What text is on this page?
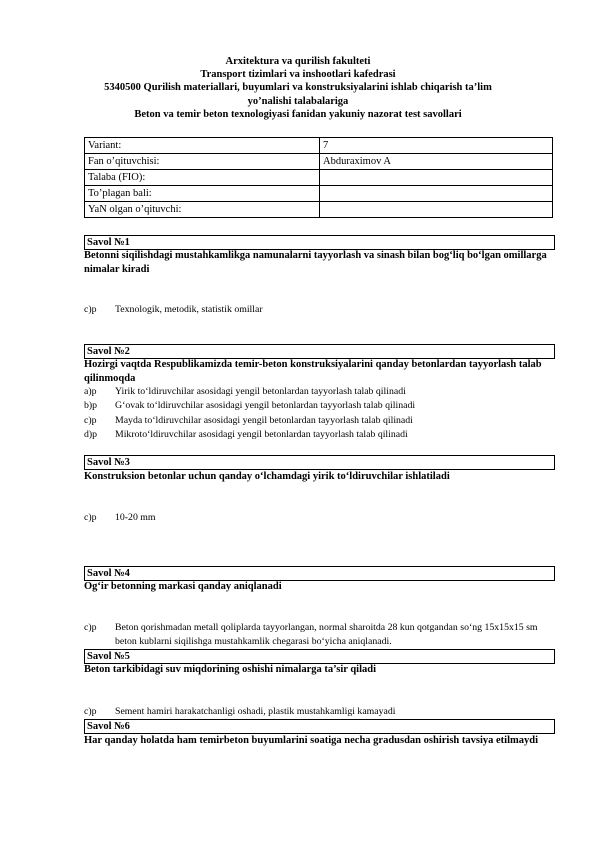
Arxitektura va qurilish fakulteti
Transport tizimlari va inshootlari kafedrasi
5340500 Qurilish materiallari, buyumlari va konstruksiyalarini ishlab chiqarish ta’lim
yo’nalishi talabalariga
Beton va temir beton texnologiyasi fanidan yakuniy nazorat test savollari
Variant:	7
Fan o’qituvchisi:	Abduraximov A
Talaba (FIO):	
To’plagan bali:	
YaN olgan o’qituvchi:	
Savol №1
Betonni siqilishdagi mustahkamlikga namunalarni tayyorlash va sinash bilan bog‘liq bo‘lgan omillarga nimalar kiradi
c)p	Texnologik, metodik, statistik omillar
Savol №2
Hozirgi vaqtda Respublikamizda temir-beton konstruksiyalarini qanday betonlardan tayyorlash talab qilinmoqda
a)p	Yirik to‘ldiruvchilar asosidagi yengil betonlardan tayyorlash talab qilinadi
b)p	G‘ovak to‘ldiruvchilar asosidagi yengil betonlardan tayyorlash talab qilinadi
c)p	Mayda to‘ldiruvchilar asosidagi yengil betonlardan tayyorlash talab qilinadi
d)p	Mikroto‘ldiruvchilar asosidagi yengil betonlardan tayyorlash talab qilinadi
Savol №3
Konstruksion betonlar uchun qanday o‘lchamdagi yirik to‘ldiruvchilar ishlatiladi
c)p	10-20 mm
Savol №4
Og‘ir betonning markasi qanday aniqlanadi
c)p	Beton qorishmadan metall qoliplarda tayyorlangan, normal sharoitda 28 kun qotgandan so‘ng 15x15x15 sm beton kublarni siqilishga mustahkamlik chegarasi bo‘yicha aniqlanadi.
Savol №5
Beton tarkibidagi suv miqdorining oshishi nimalarga ta’sir qiladi
c)p	Sement hamiri harakatchanligi oshadi, plastik mustahkamligi kamayadi
Savol №6
Har qanday holatda ham temirbeton buyumlarini soatiga necha gradusdan oshirish tavsiya etilmaydi
